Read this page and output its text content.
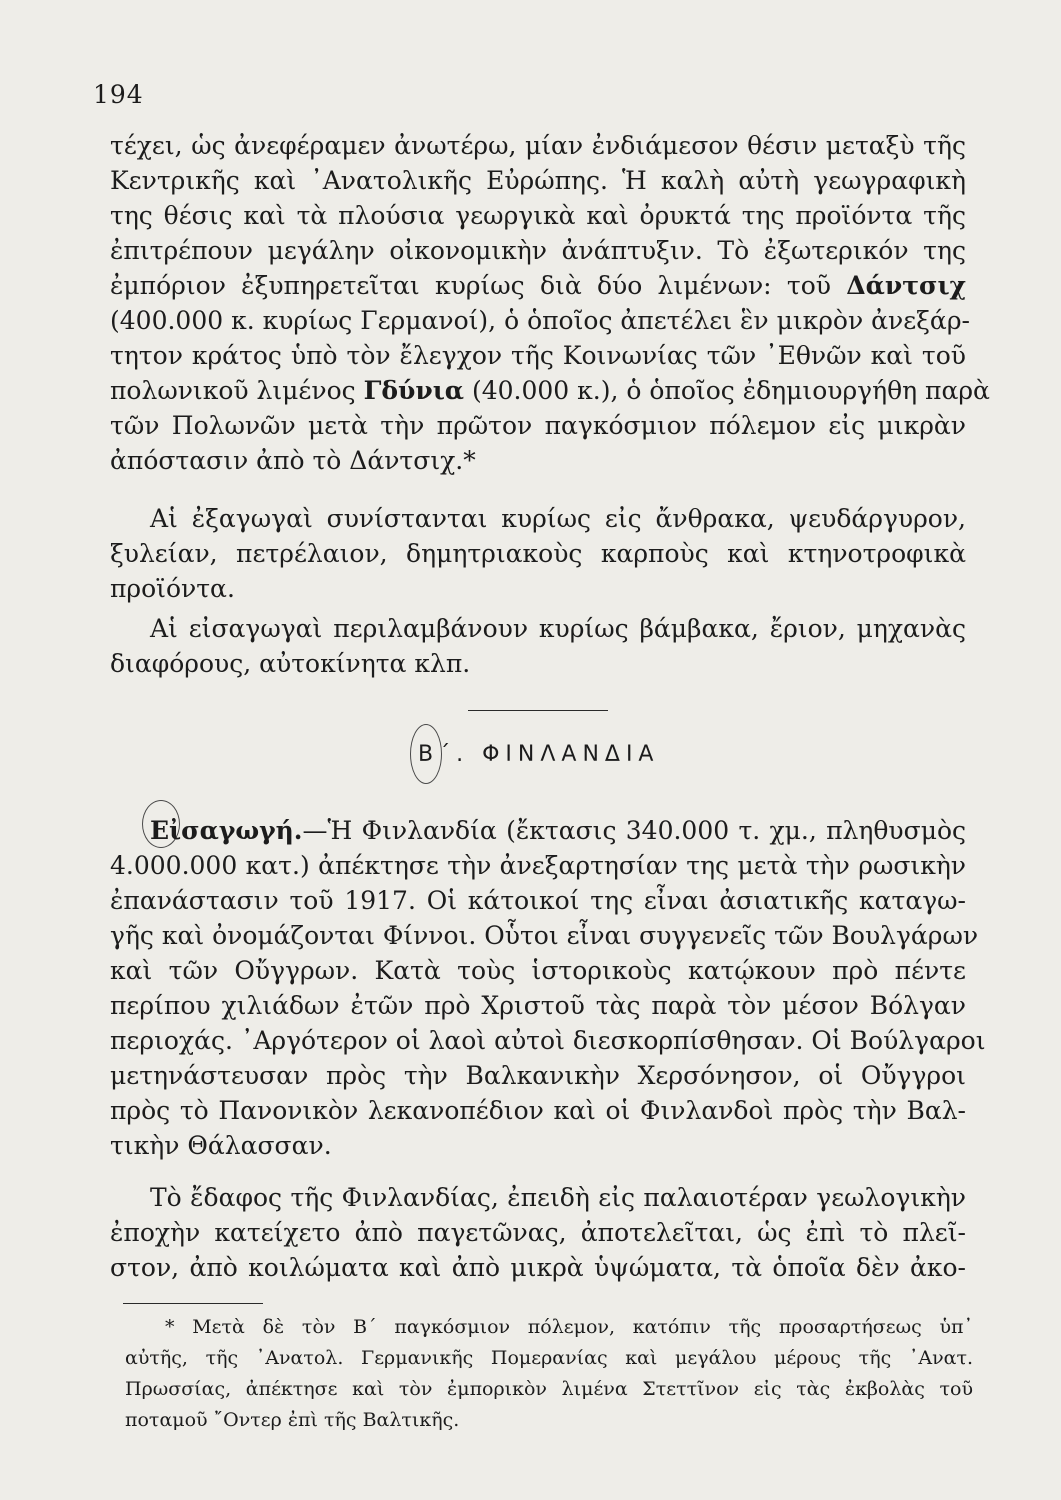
194
τέχει, ὡς ἀνεφέραμεν ἀνωτέρω, μίαν ἐνδιάμεσον θέσιν μεταξὺ τῆς
Κεντρικῆς καὶ ᾿Ανατολικῆς Εὐρώπης. Ἡ καλὴ αὐτὴ γεωγραφικὴ
της θέσις καὶ τὰ πλούσια γεωργικὰ καὶ ὀρυκτά της προϊόντα τῆς
ἐπιτρέπουν μεγάλην οἰκονομικὴν ἀνάπτυξιν. Τὸ ἐξωτερικόν της
ἐμπόριον ἐξυπηρετεῖται κυρίως διὰ δύο λιμένων: τοῦ Δάντσιχ
(400.000 κ. κυρίως Γερμανοί), ὁ ὁποῖος ἀπετέλει ἓν μικρὸν ἀνεξάρ-
τητον κράτος ὑπὸ τὸν ἔλεγχον τῆς Κοινωνίας τῶν ᾿Εθνῶν καὶ τοῦ
πολωνικοῦ λιμένος Γδύνια (40.000 κ.), ὁ ὁποῖος ἐδημιουργήθη παρὰ
τῶν Πολωνῶν μετὰ τὴν πρῶτον παγκόσμιον πόλεμον εἰς μικρὰν
ἀπόστασιν ἀπὸ τὸ Δάντσιχ.*
Αἱ ἐξαγωγαὶ συνίστανται κυρίως εἰς ἄνθρακα, ψευδάργυρον,
ξυλείαν, πετρέλαιον, δημητριακοὺς καρποὺς καὶ κτηνοτροφικὰ
προϊόντα.
Αἱ εἰσαγωγαὶ περιλαμβάνουν κυρίως βάμβακα, ἔριον, μηχανὰς
διαφόρους, αὐτοκίνητα κλπ.
Β΄. ΦΙΝΛΑΝΔΙΑ
Εἰσαγωγή.—Ἡ Φινλανδία (ἔκτασις 340.000 τ. χμ., πληθυσμὸς
4.000.000 κατ.) ἀπέκτησε τὴν ἀνεξαρτησίαν της μετὰ τὴν ρωσικὴν
ἐπανάστασιν τοῦ 1917. Οἱ κάτοικοί της εἶναι ἀσιατικῆς καταγω-
γῆς καὶ ὀνομάζονται Φίννοι. Οὗτοι εἶναι συγγενεῖς τῶν Βουλγάρων
καὶ τῶν Οὔγγρων. Κατὰ τοὺς ἱστορικοὺς κατῴκουν πρὸ πέντε
περίπου χιλιάδων ἐτῶν πρὸ Χριστοῦ τὰς παρὰ τὸν μέσον Βόλγαν
περιοχάς. ᾿Αργότερον οἱ λαοὶ αὐτοὶ διεσκορπίσθησαν. Οἱ Βούλγαροι
μετηνάστευσαν πρὸς τὴν Βαλκανικὴν Χερσόνησον, οἱ Οὔγγροι
πρὸς τὸ Πανονικὸν λεκανοπέδιον καὶ οἱ Φινλανδοὶ πρὸς τὴν Βαλ-
τικὴν Θάλασσαν.
Τὸ ἔδαφος τῆς Φινλανδίας, ἐπειδὴ εἰς παλαιοτέραν γεωλογικὴν
ἐποχὴν κατείχετο ἀπὸ παγετῶνας, ἀποτελεῖται, ὡς ἐπὶ τὸ πλεῖ-
στον, ἀπὸ κοιλώματα καὶ ἀπὸ μικρὰ ὑψώματα, τὰ ὁποῖα δὲν ἀκο-
* Μετὰ δὲ τὸν Β΄ παγκόσμιον πόλεμον, κατόπιν τῆς προσαρτήσεως ὑπ᾿
αὐτῆς, τῆς ᾿Ανατολ. Γερμανικῆς Πομερανίας καὶ μεγάλου μέρους τῆς ᾿Ανατ.
Πρωσσίας, ἀπέκτησε καὶ τὸν ἐμπορικὸν λιμένα Στεττῖνον εἰς τὰς ἐκβολὰς τοῦ
ποταμοῦ ῎Οντερ ἐπὶ τῆς Βαλτικῆς.
